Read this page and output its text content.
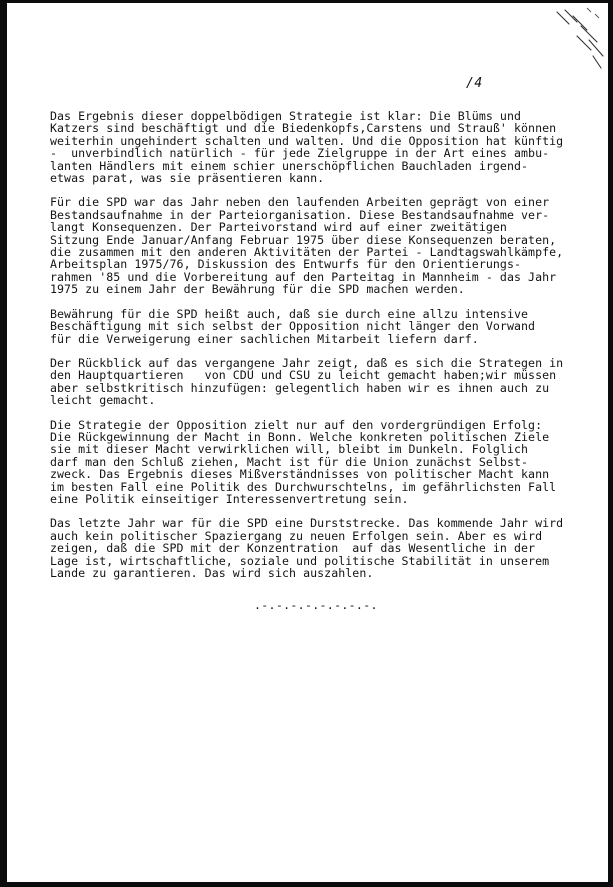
/4

Das Ergebnis dieser doppelbödigen Strategie ist klar: Die Blüms und
Katzers sind beschäftigt und die Biedenkopfs,Carstens und Strauß' können
weiterhin ungehindert schalten und walten. Und die Opposition hat künftig
-  unverbindlich natürlich - für jede Zielgruppe in der Art eines ambu-
lanten Händlers mit einem schier unerschöpflichen Bauchladen irgend-
etwas parat, was sie präsentieren kann.

Für die SPD war das Jahr neben den laufenden Arbeiten geprägt von einer
Bestandsaufnahme in der Parteiorganisation. Diese Bestandsaufnahme ver-
langt Konsequenzen. Der Parteivorstand wird auf einer zweitätigen
Sitzung Ende Januar/Anfang Februar 1975 über diese Konsequenzen beraten,
die zusammen mit den anderen Aktivitäten der Partei - Landtagswahlkämpfe,
Arbeitsplan 1975/76, Diskussion des Entwurfs für den Orientierungs-
rahmen '85 und die Vorbereitung auf den Parteitag in Mannheim - das Jahr
1975 zu einem Jahr der Bewährung für die SPD machen werden.

Bewährung für die SPD heißt auch, daß sie durch eine allzu intensive
Beschäftigung mit sich selbst der Opposition nicht länger den Vorwand
für die Verweigerung einer sachlichen Mitarbeit liefern darf.

Der Rückblick auf das vergangene Jahr zeigt, daß es sich die Strategen in
den Hauptquartieren   von CDU und CSU zu leicht gemacht haben;wir müssen
aber selbstkritisch hinzufügen: gelegentlich haben wir es ihnen auch zu
leicht gemacht.

Die Strategie der Opposition zielt nur auf den vordergründigen Erfolg:
Die Rückgewinnung der Macht in Bonn. Welche konkreten politischen Ziele
sie mit dieser Macht verwirklichen will, bleibt im Dunkeln. Folglich
darf man den Schluß ziehen, Macht ist für die Union zunächst Selbst-
zweck. Das Ergebnis dieses Mißverständnisses von politischer Macht kann
im besten Fall eine Politik des Durchwurschtelns, im gefährlichsten Fall
eine Politik einseitiger Interessenvertretung sein.

Das letzte Jahr war für die SPD eine Durststrecke. Das kommende Jahr wird
auch kein politischer Spaziergang zu neuen Erfolgen sein. Aber es wird
zeigen, daß die SPD mit der Konzentration  auf das Wesentliche in der
Lage ist, wirtschaftliche, soziale und politische Stabilität in unserem
Lande zu garantieren. Das wird sich auszahlen.

.-.-.-.-.-.-.-.-.
